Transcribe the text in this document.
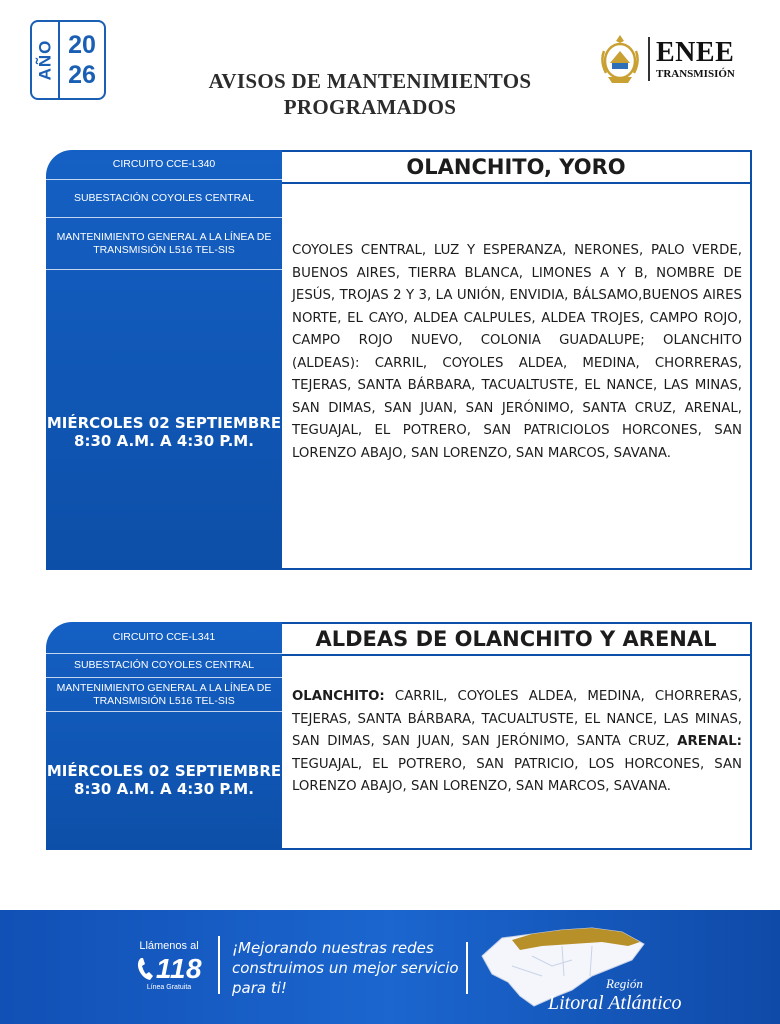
AÑO 20
26	AVISOS DE MANTENIMIENTOS
PROGRAMADOS
ENEE
TRANSMISIÓN
CIRCUITO CCE-L340
SUBESTACIÓN COYOLES CENTRAL
MANTENIMIENTO GENERAL A LA LÍNEA DE TRANSMISIÓN L516 TEL-SIS
MIÉRCOLES 02 SEPTIEMBRE
8:30 A.M. A 4:30 P.M.
OLANCHITO, YORO
COYOLES CENTRAL, LUZ Y ESPERANZA, NERONES, PALO VERDE, BUENOS AIRES, TIERRA BLANCA, LIMONES A Y B, NOMBRE DE JESÚS, TROJAS 2 Y 3, LA UNIÓN, ENVIDIA, BÁLSAMO,BUENOS AIRES NORTE, EL CAYO, ALDEA CALPULES, ALDEA TROJES, CAMPO ROJO, CAMPO ROJO NUEVO, COLONIA GUADALUPE; OLANCHITO (ALDEAS): CARRIL, COYOLES ALDEA, MEDINA, CHORRERAS, TEJERAS, SANTA BÁRBARA, TACUALTUSTE, EL NANCE, LAS MINAS, SAN DIMAS, SAN JUAN, SAN JERÓNIMO, SANTA CRUZ, ARENAL, TEGUAJAL, EL POTRERO, SAN PATRICIOLOS HORCONES, SAN LORENZO ABAJO, SAN LORENZO, SAN MARCOS, SAVANA.
CIRCUITO CCE-L341
SUBESTACIÓN COYOLES CENTRAL
MANTENIMIENTO GENERAL A LA LÍNEA DE TRANSMISIÓN L516 TEL-SIS
MIÉRCOLES 02 SEPTIEMBRE
8:30 A.M. A 4:30 P.M.
ALDEAS DE OLANCHITO Y ARENAL
OLANCHITO: CARRIL, COYOLES ALDEA, MEDINA, CHORRERAS, TEJERAS, SANTA BÁRBARA, TACUALTUSTE, EL NANCE, LAS MINAS, SAN DIMAS, SAN JUAN, SAN JERÓNIMO, SANTA CRUZ, ARENAL: TEGUAJAL, EL POTRERO, SAN PATRICIO, LOS HORCONES, SAN LORENZO ABAJO, SAN LORENZO, SAN MARCOS, SAVANA.
Llámenos al
118
Línea Gratuita
¡Mejorando nuestras redes construimos un mejor servicio para ti!	Región
Litoral Atlántico
